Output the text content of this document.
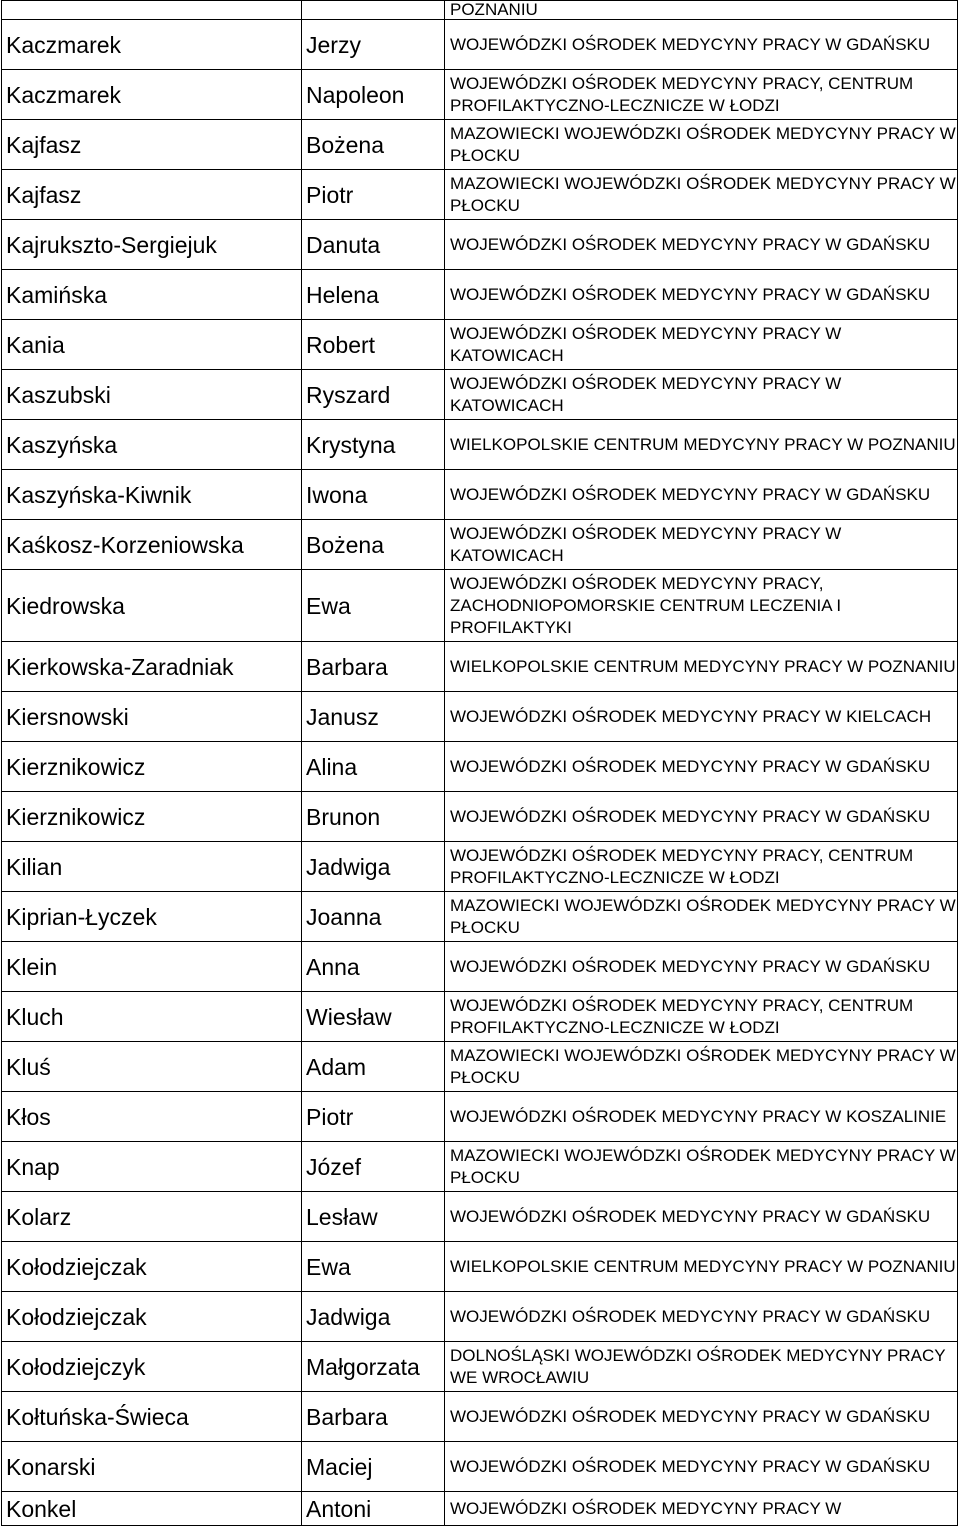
		POZNANIU
Kaczmarek	Jerzy	WOJEWÓDZKI OŚRODEK MEDYCYNY PRACY W GDAŃSKU
Kaczmarek	Napoleon	WOJEWÓDZKI OŚRODEK MEDYCYNY PRACY, CENTRUM PROFILAKTYCZNO-LECZNICZE W ŁODZI
Kajfasz	Bożena	MAZOWIECKI WOJEWÓDZKI OŚRODEK MEDYCYNY PRACY W PŁOCKU
Kajfasz	Piotr	MAZOWIECKI WOJEWÓDZKI OŚRODEK MEDYCYNY PRACY W PŁOCKU
Kajrukszto-Sergiejuk	Danuta	WOJEWÓDZKI OŚRODEK MEDYCYNY PRACY W GDAŃSKU
Kamińska	Helena	WOJEWÓDZKI OŚRODEK MEDYCYNY PRACY W GDAŃSKU
Kania	Robert	WOJEWÓDZKI OŚRODEK MEDYCYNY PRACY W KATOWICACH
Kaszubski	Ryszard	WOJEWÓDZKI OŚRODEK MEDYCYNY PRACY W KATOWICACH
Kaszyńska	Krystyna	WIELKOPOLSKIE CENTRUM MEDYCYNY PRACY W POZNANIU
Kaszyńska-Kiwnik	Iwona	WOJEWÓDZKI OŚRODEK MEDYCYNY PRACY W GDAŃSKU
Kaśkosz-Korzeniowska	Bożena	WOJEWÓDZKI OŚRODEK MEDYCYNY PRACY W KATOWICACH
Kiedrowska	Ewa	WOJEWÓDZKI OŚRODEK MEDYCYNY PRACY, ZACHODNIOPOMORSKIE CENTRUM LECZENIA I PROFILAKTYKI
Kierkowska-Zaradniak	Barbara	WIELKOPOLSKIE CENTRUM MEDYCYNY PRACY W POZNANIU
Kiersnowski	Janusz	WOJEWÓDZKI OŚRODEK MEDYCYNY PRACY W KIELCACH
Kierznikowicz	Alina	WOJEWÓDZKI OŚRODEK MEDYCYNY PRACY W GDAŃSKU
Kierznikowicz	Brunon	WOJEWÓDZKI OŚRODEK MEDYCYNY PRACY W GDAŃSKU
Kilian	Jadwiga	WOJEWÓDZKI OŚRODEK MEDYCYNY PRACY, CENTRUM PROFILAKTYCZNO-LECZNICZE W ŁODZI
Kiprian-Łyczek	Joanna	MAZOWIECKI WOJEWÓDZKI OŚRODEK MEDYCYNY PRACY W PŁOCKU
Klein	Anna	WOJEWÓDZKI OŚRODEK MEDYCYNY PRACY W GDAŃSKU
Kluch	Wiesław	WOJEWÓDZKI OŚRODEK MEDYCYNY PRACY, CENTRUM PROFILAKTYCZNO-LECZNICZE W ŁODZI
Kluś	Adam	MAZOWIECKI WOJEWÓDZKI OŚRODEK MEDYCYNY PRACY W PŁOCKU
Kłos	Piotr	WOJEWÓDZKI OŚRODEK MEDYCYNY PRACY W KOSZALINIE
Knap	Józef	MAZOWIECKI WOJEWÓDZKI OŚRODEK MEDYCYNY PRACY W PŁOCKU
Kolarz	Lesław	WOJEWÓDZKI OŚRODEK MEDYCYNY PRACY W GDAŃSKU
Kołodziejczak	Ewa	WIELKOPOLSKIE CENTRUM MEDYCYNY PRACY W POZNANIU
Kołodziejczak	Jadwiga	WOJEWÓDZKI OŚRODEK MEDYCYNY PRACY W GDAŃSKU
Kołodziejczyk	Małgorzata	DOLNOŚLĄSKI WOJEWÓDZKI OŚRODEK MEDYCYNY PRACY WE WROCŁAWIU
Kołtuńska-Świeca	Barbara	WOJEWÓDZKI OŚRODEK MEDYCYNY PRACY W GDAŃSKU
Konarski	Maciej	WOJEWÓDZKI OŚRODEK MEDYCYNY PRACY W GDAŃSKU
Konkel	Antoni	WOJEWÓDZKI OŚRODEK MEDYCYNY PRACY W
